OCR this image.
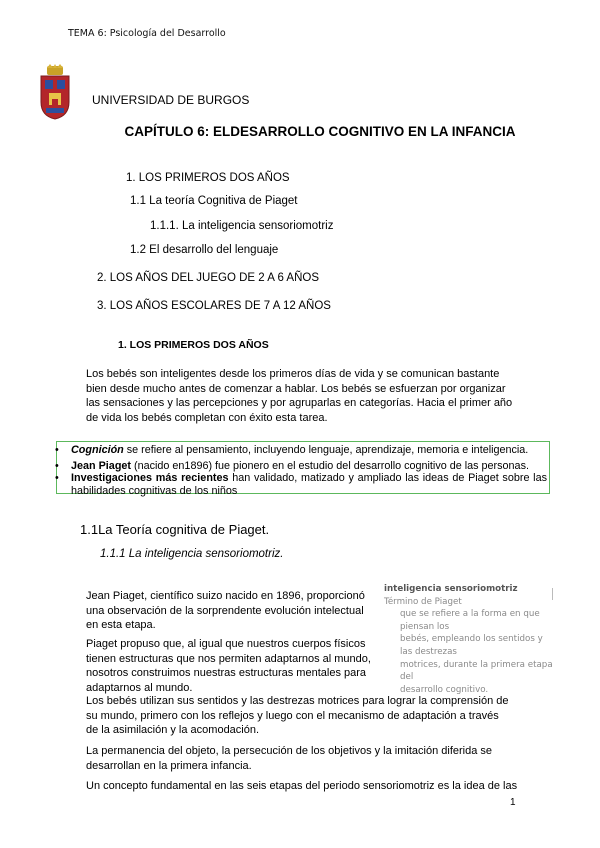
TEMA 6: Psicología del Desarrollo
UNIVERSIDAD DE BURGOS
CAPÍTULO 6: ELDESARROLLO COGNITIVO EN LA INFANCIA
1. LOS PRIMEROS DOS AÑOS
1.1 La teoría Cognitiva de Piaget
1.1.1. La inteligencia sensoriomotriz
1.2 El desarrollo del lenguaje
2. LOS AÑOS DEL JUEGO DE 2 A 6 AÑOS
3. LOS AÑOS ESCOLARES DE 7 A 12 AÑOS
1. LOS PRIMEROS DOS AÑOS
Los bebés son inteligentes desde los primeros días de vida y se comunican bastante
bien desde mucho antes de comenzar a hablar. Los bebés se esfuerzan por organizar
las sensaciones y las percepciones y por agruparlas en categorías. Hacia el primer año
de vida los bebés completan con éxito esta tarea.
• Cognición se refiere al pensamiento, incluyendo lenguaje, aprendizaje, memoria e inteligencia.
• Jean Piaget (nacido en1896) fue pionero en el estudio del desarrollo cognitivo de las personas.
• Investigaciones más recientes han validado, matizado y ampliado las ideas de Piaget sobre las habilidades cognitivas de los niños
1.1La Teoría cognitiva de Piaget.
1.1.1 La inteligencia sensoriomotriz.
inteligencia sensoriomotriz Término de Piaget
que se refiere a la forma en que piensan los
bebés, empleando los sentidos y las destrezas
motrices, durante la primera etapa del
desarrollo cognitivo.
Jean Piaget, científico suizo nacido en 1896, proporcionó
una observación de la sorprendente evolución intelectual
en esta etapa.
Piaget propuso que, al igual que nuestros cuerpos físicos
tienen estructuras que nos permiten adaptarnos al mundo,
nosotros construimos nuestras estructuras mentales para
adaptarnos al mundo.
Los bebés utilizan sus sentidos y las destrezas motrices para lograr la comprensión de
su mundo, primero con los reflejos y luego con el mecanismo de adaptación a través
de la asimilación y la acomodación.
La permanencia del objeto, la persecución de los objetivos y la imitación diferida se
desarrollan en la primera infancia.
Un concepto fundamental en las seis etapas del periodo sensoriomotriz es la idea de las
1
